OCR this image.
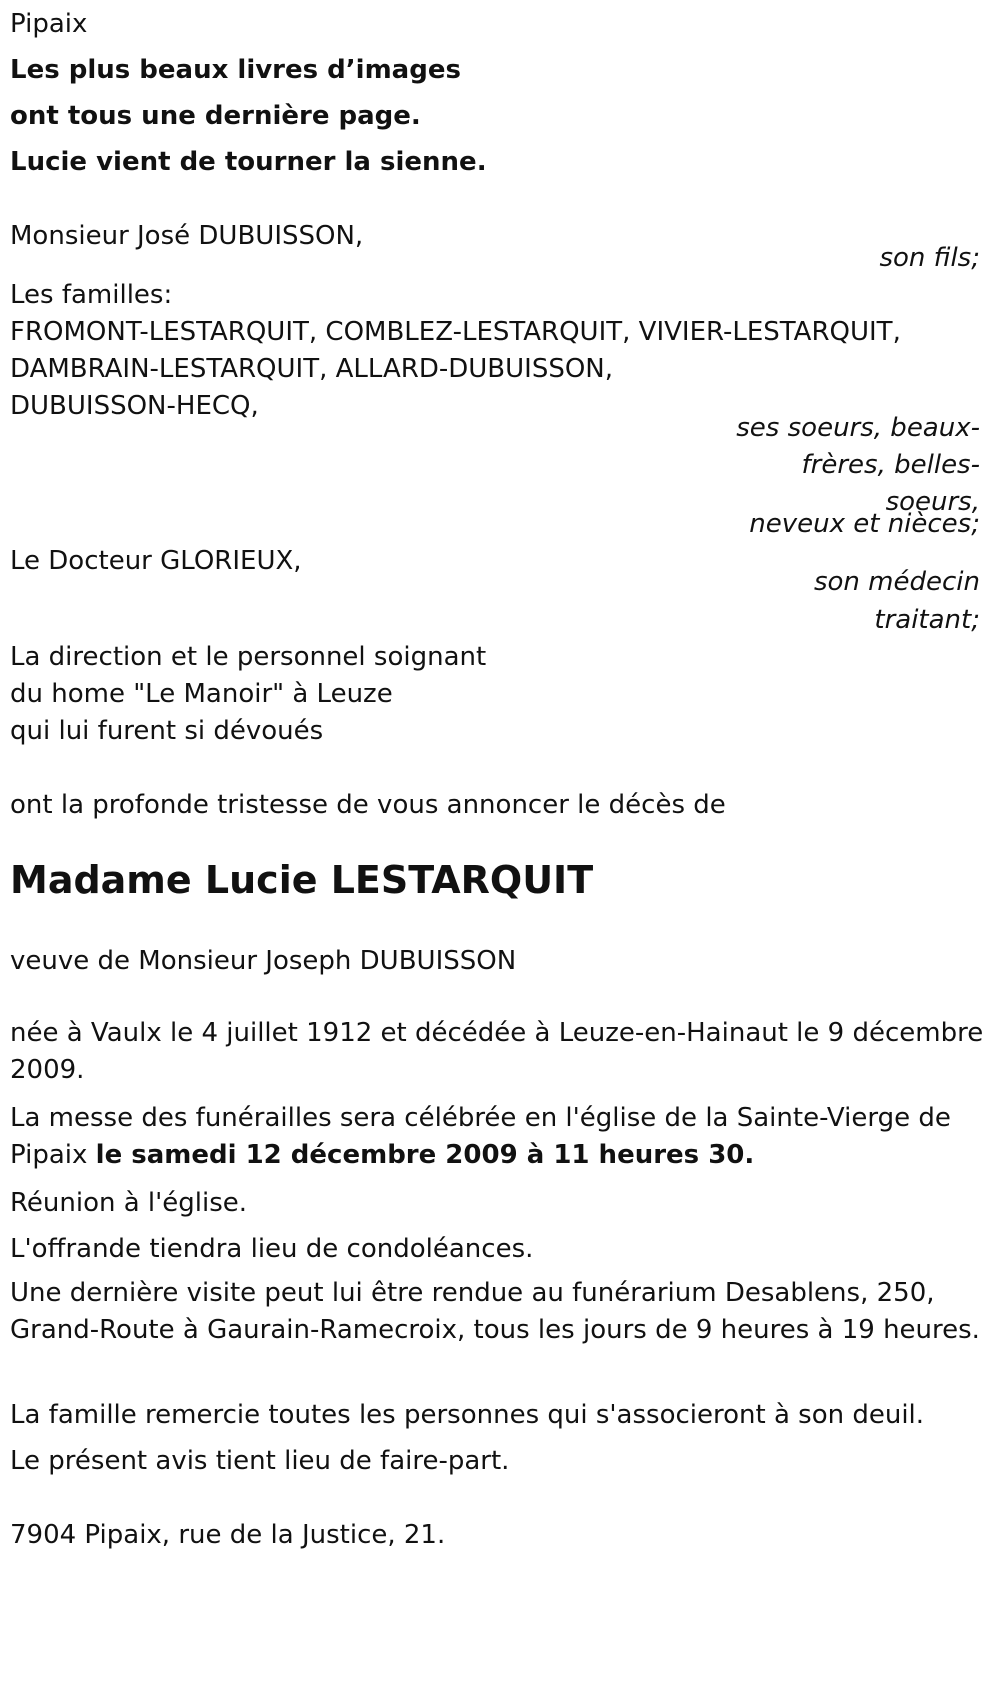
Pipaix

Les plus beaux livres d’images

ont tous une dernière page.

Lucie vient de tourner la sienne.

Monsieur José DUBUISSON,

son fils;

Les familles:

FROMONT-LESTARQUIT, COMBLEZ-LESTARQUIT, VIVIER-LESTARQUIT,

DAMBRAIN-LESTARQUIT, ALLARD-DUBUISSON,

DUBUISSON-HECQ,

ses soeurs, beaux-
frères, belles-
soeurs,
neveux et nièces;

Le Docteur GLORIEUX,

son médecin
traitant;

La direction et le personnel soignant

du home "Le Manoir" à Leuze

qui lui furent si dévoués

ont la profonde tristesse de vous annoncer le décès de

Madame Lucie LESTARQUIT

veuve de Monsieur Joseph DUBUISSON

née à Vaulx le 4 juillet 1912 et décédée à Leuze-en-Hainaut le 9 décembre 2009.

La messe des funérailles sera célébrée en l'église de la Sainte-Vierge de Pipaix le samedi 12 décembre 2009 à 11 heures 30.

Réunion à l'église.

L'offrande tiendra lieu de condoléances.

Une dernière visite peut lui être rendue au funérarium Desablens, 250, Grand-Route à Gaurain-Ramecroix, tous les jours de 9 heures à 19 heures.

La famille remercie toutes les personnes qui s'associeront à son deuil.

Le présent avis tient lieu de faire-part.

7904 Pipaix, rue de la Justice, 21.
